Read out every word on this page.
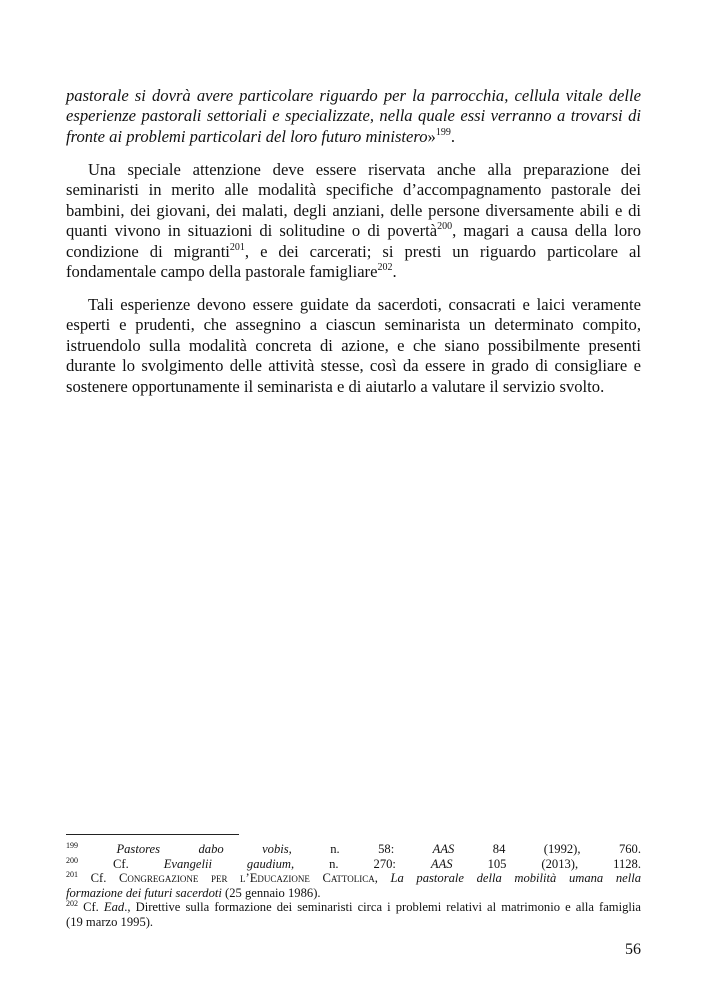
pastorale si dovrà avere particolare riguardo per la parrocchia, cellula vitale delle
esperienze pastorali settoriali e specializzate, nella quale essi verranno a trovarsi di
fronte ai problemi particolari del loro futuro ministero»$^{199}$.
Una speciale attenzione deve essere riservata anche alla preparazione dei
seminaristi in merito alle modalità specifiche d’accompagnamento pastorale dei
bambini, dei giovani, dei malati, degli anziani, delle persone diversamente abili e di
quanti vivono in situazioni di solitudine o di povertà$^{200}$, magari a causa della loro
condizione di migranti$^{201}$, e dei carcerati; si presti un riguardo particolare al
fondamentale campo della pastorale famigliare$^{202}$.
Tali esperienze devono essere guidate da sacerdoti, consacrati e laici veramente
esperti e prudenti, che assegnino a ciascun seminarista un determinato compito,
istruendolo sulla modalità concreta di azione, e che siano possibilmente presenti
durante lo svolgimento delle attività stesse, così da essere in grado di consigliare e
sostenere opportunamente il seminarista e di aiutarlo a valutare il servizio svolto.
$^{199}$	Pastores dabo vobis, n. 58: AAS 84 (1992), 760.
$^{200}$ Cf. Evangelii gaudium, n. 270: AAS 105 (2013), 1128.
$^{201}$ Cf. Congregazione per l’Educazione Cattolica, La pastorale della mobilità umana nella
formazione dei futuri sacerdoti (25 gennaio 1986).
$^{202}$ Cf. Ead., Direttive sulla formazione dei seminaristi circa i problemi relativi al matrimonio e alla famiglia
(19 marzo 1995).
56
